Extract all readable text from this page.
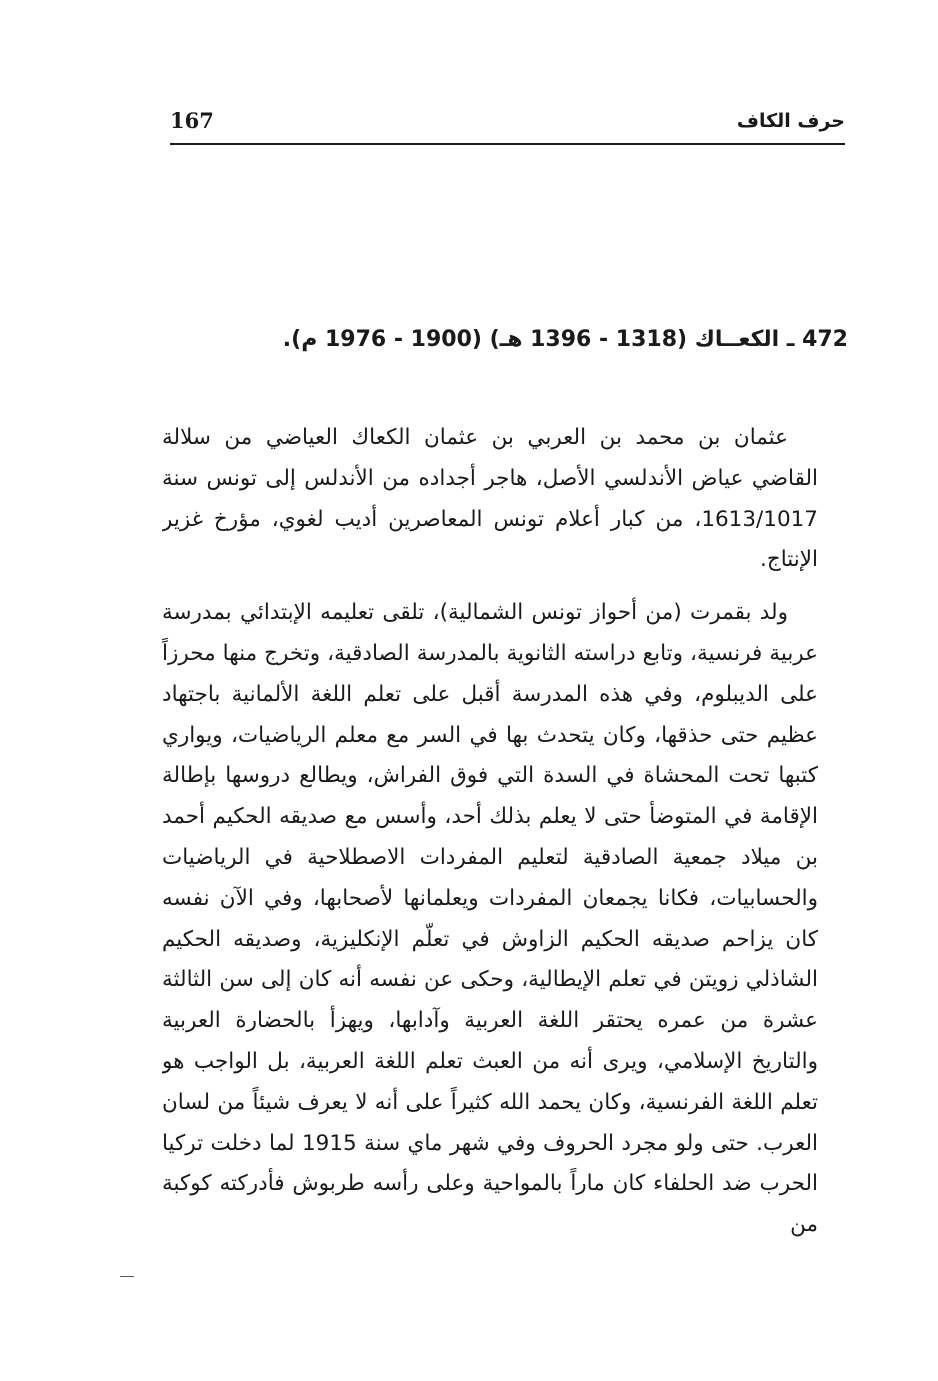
167	حرف الكاف
472 ـ الكعــاك (1318 - 1396 هـ) (1900 - 1976 م).

عثمان بن محمد بن العربي بن عثمان الكعاك العياضي من سلالة القاضي عياض الأندلسي الأصل، هاجر أجداده من الأندلس إلى تونس سنة 1613/1017، من كبار أعلام تونس المعاصرين أديب لغوي، مؤرخ غزير الإنتاج.

ولد بقمرت (من أحواز تونس الشمالية)، تلقى تعليمه الإبتدائي بمدرسة عربية فرنسية، وتابع دراسته الثانوية بالمدرسة الصادقية، وتخرج منها محرزاً على الديبلوم، وفي هذه المدرسة أقبل على تعلم اللغة الألمانية باجتهاد عظيم حتى حذقها، وكان يتحدث بها في السر مع معلم الرياضيات، ويواري كتبها تحت المحشاة في السدة التي فوق الفراش، ويطالع دروسها بإطالة الإقامة في المتوضأ حتى لا يعلم بذلك أحد، وأسس مع صديقه الحكيم أحمد بن ميلاد جمعية الصادقية لتعليم المفردات الاصطلاحية في الرياضيات والحسابيات، فكانا يجمعان المفردات ويعلمانها لأصحابها، وفي الآن نفسه كان يزاحم صديقه الحكيم الزاوش في تعلّم الإنكليزية، وصديقه الحكيم الشاذلي زويتن في تعلم الإيطالية، وحكى عن نفسه أنه كان إلى سن الثالثة عشرة من عمره يحتقر اللغة العربية وآدابها، ويهزأ بالحضارة العربية والتاريخ الإسلامي، ويرى أنه من العبث تعلم اللغة العربية، بل الواجب هو تعلم اللغة الفرنسية، وكان يحمد الله كثيراً على أنه لا يعرف شيئاً من لسان العرب. حتى ولو مجرد الحروف وفي شهر ماي سنة 1915 لما دخلت تركيا الحرب ضد الحلفاء كان ماراً بالمواحية وعلى رأسه طربوش فأدركته كوكبة من
